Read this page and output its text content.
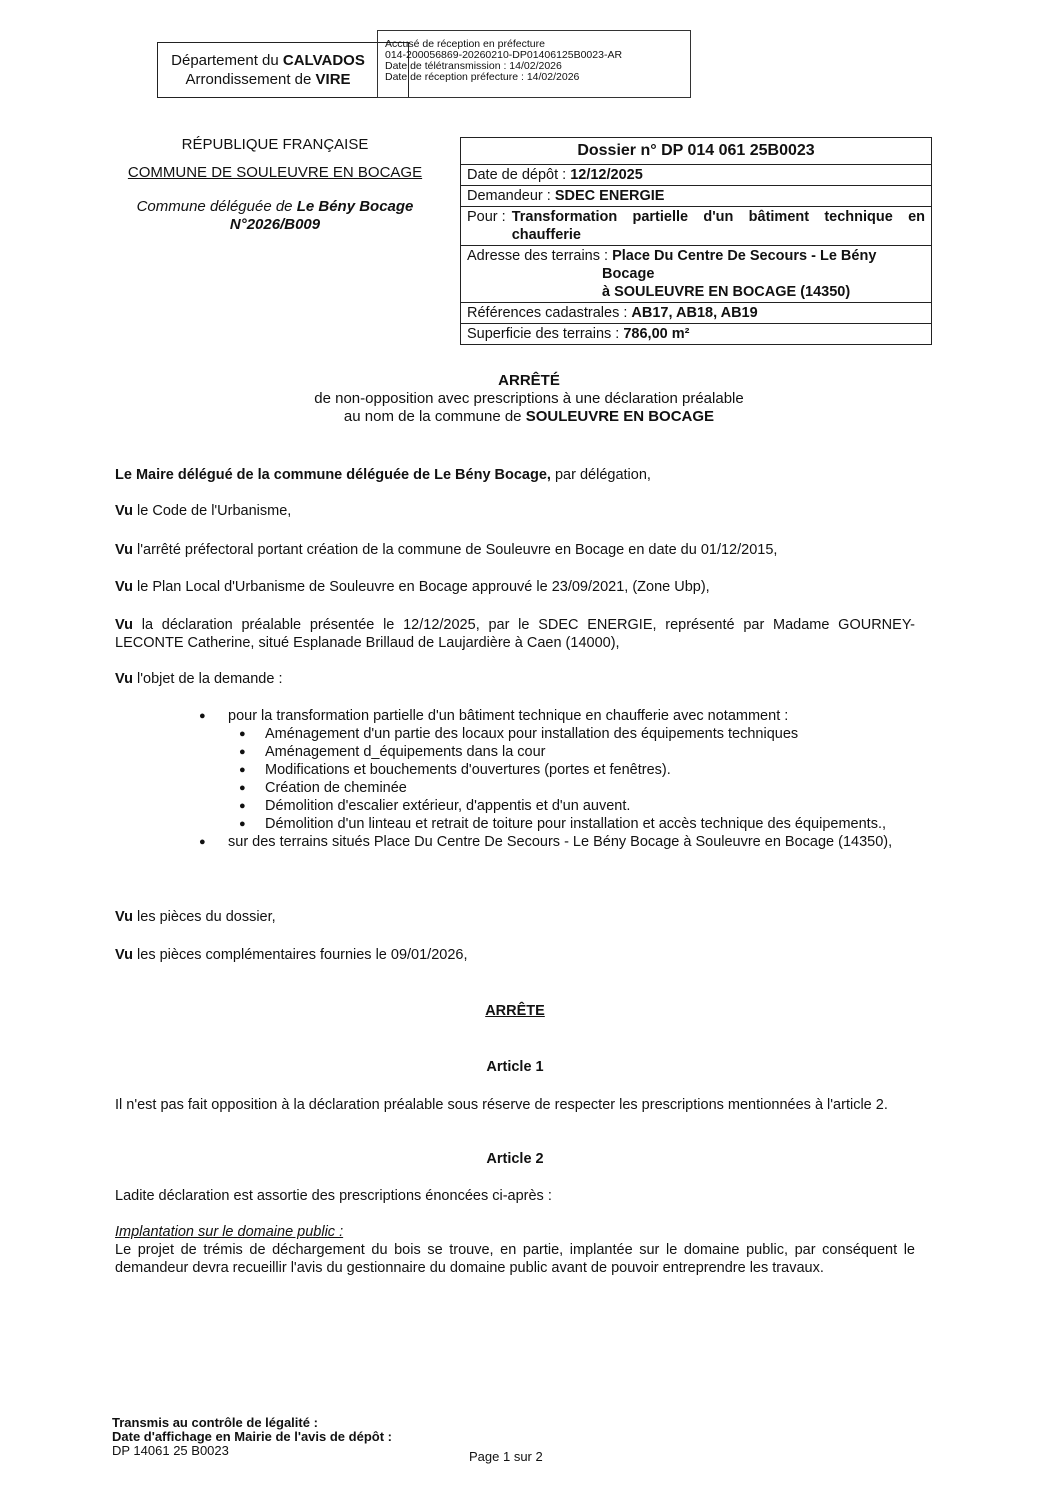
Département du CALVADOS
Arrondissement de VIRE
Accusé de réception en préfecture
014-200056869-20260210-DP01406125B0023-AR
Date de télétransmission : 14/02/2026
Date de réception préfecture : 14/02/2026
RÉPUBLIQUE FRANÇAISE
COMMUNE DE SOULEUVRE EN BOCAGE
Commune déléguée de Le Bény Bocage
N°2026/B009
Dossier n° DP 014 061 25B0023
Date de dépôt : 12/12/2025
Demandeur : SDEC ENERGIE
Pour : Transformation partielle d'un bâtiment technique en chaufferie
Adresse des terrains : Place Du Centre De Secours - Le Bény
Bocage
à SOULEUVRE EN BOCAGE (14350)
Références cadastrales : AB17, AB18, AB19
Superficie des terrains : 786,00 m²
ARRÊTÉ
de non-opposition avec prescriptions à une déclaration préalable
au nom de la commune de SOULEUVRE EN BOCAGE
Le Maire délégué de la commune déléguée de Le Bény Bocage, par délégation,
Vu le Code de l'Urbanisme,
Vu l'arrêté préfectoral portant création de la commune de Souleuvre en Bocage en date du 01/12/2015,
Vu le Plan Local d'Urbanisme de Souleuvre en Bocage approuvé le 23/09/2021, (Zone Ubp),
Vu la déclaration préalable présentée le 12/12/2025, par le SDEC ENERGIE, représenté par Madame GOURNEY-LECONTE Catherine, situé Esplanade Brillaud de Laujardière à Caen (14000),
Vu l'objet de la demande :
● pour la transformation partielle d'un bâtiment technique en chaufferie avec notamment :
● Aménagement d'un partie des locaux pour installation des équipements techniques
● Aménagement d_équipements dans la cour
● Modifications et bouchements d'ouvertures (portes et fenêtres).
● Création de cheminée
● Démolition d'escalier extérieur, d'appentis et d'un auvent.
● Démolition d'un linteau et retrait de toiture pour installation et accès technique des équipements.,
● sur des terrains situés Place Du Centre De Secours - Le Bény Bocage à Souleuvre en Bocage (14350),
Vu les pièces du dossier,
Vu les pièces complémentaires fournies le 09/01/2026,
ARRÊTE
Article 1
Il n'est pas fait opposition à la déclaration préalable sous réserve de respecter les prescriptions mentionnées à l'article 2.
Article 2
Ladite déclaration est assortie des prescriptions énoncées ci-après :
Implantation sur le domaine public :
Le projet de trémis de déchargement du bois se trouve, en partie, implantée sur le domaine public, par conséquent le demandeur devra recueillir l'avis du gestionnaire du domaine public avant de pouvoir entreprendre les travaux.
Transmis au contrôle de légalité :
Date d'affichage en Mairie de l'avis de dépôt :
DP 14061 25 B0023	Page 1 sur 2
